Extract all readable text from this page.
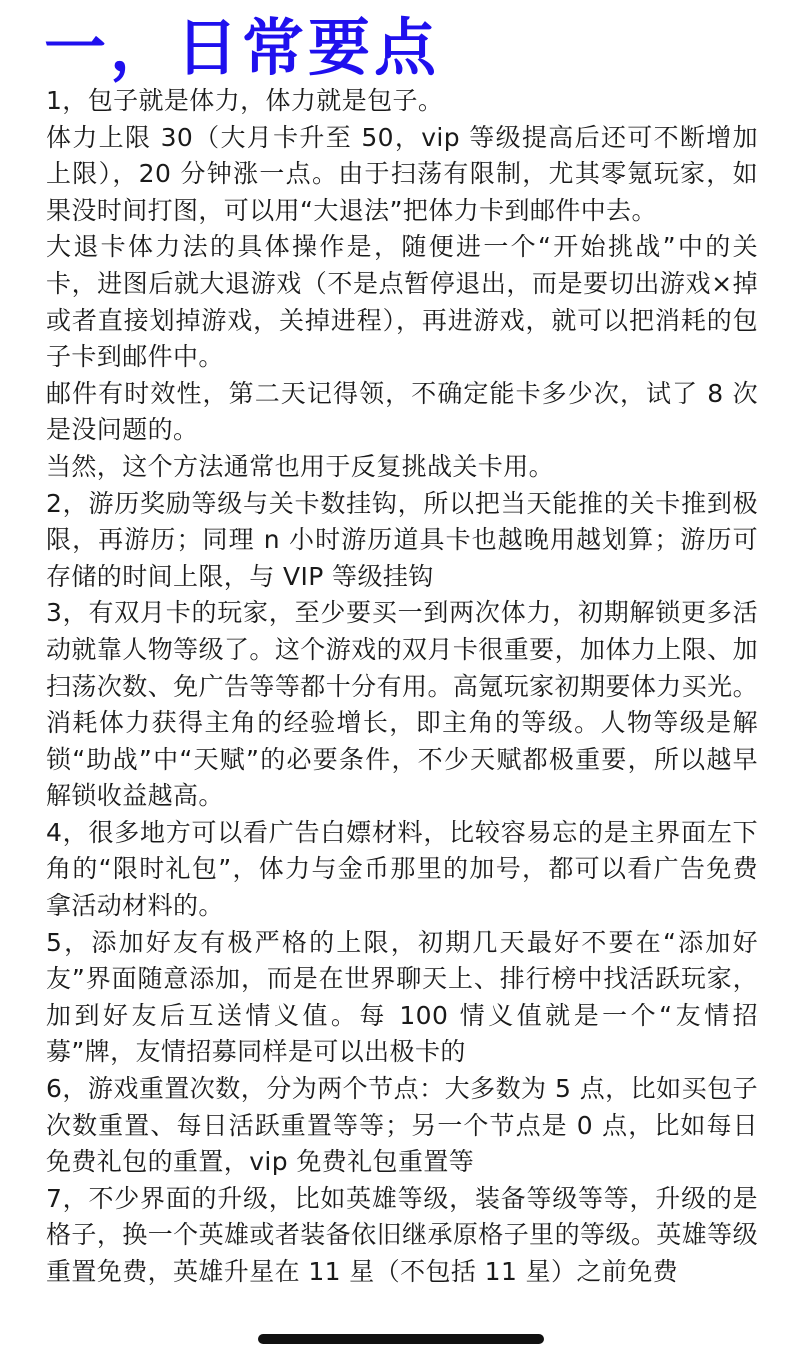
一，日常要点

1，包子就是体力，体力就是包子。

体力上限 30（大月卡升至 50，vip 等级提高后还可不断增加上限），20 分钟涨一点。由于扫荡有限制，尤其零氪玩家，如果没时间打图，可以用“大退法”把体力卡到邮件中去。

大退卡体力法的具体操作是，随便进一个“开始挑战”中的关卡，进图后就大退游戏（不是点暂停退出，而是要切出游戏×掉或者直接划掉游戏，关掉进程），再进游戏，就可以把消耗的包子卡到邮件中。

邮件有时效性，第二天记得领，不确定能卡多少次，试了 8 次是没问题的。

当然，这个方法通常也用于反复挑战关卡用。

2，游历奖励等级与关卡数挂钩，所以把当天能推的关卡推到极限，再游历；同理 n 小时游历道具卡也越晚用越划算；游历可存储的时间上限，与 VIP 等级挂钩

3，有双月卡的玩家，至少要买一到两次体力，初期解锁更多活动就靠人物等级了。这个游戏的双月卡很重要，加体力上限、加扫荡次数、免广告等等都十分有用。高氪玩家初期要体力买光。消耗体力获得主角的经验增长，即主角的等级。人物等级是解锁“助战”中“天赋”的必要条件，不少天赋都极重要，所以越早解锁收益越高。

4，很多地方可以看广告白嫖材料，比较容易忘的是主界面左下角的“限时礼包”，体力与金币那里的加号，都可以看广告免费拿活动材料的。

5，添加好友有极严格的上限，初期几天最好不要在“添加好友”界面随意添加，而是在世界聊天上、排行榜中找活跃玩家，加到好友后互送情义值。每 100 情义值就是一个“友情招募”牌，友情招募同样是可以出极卡的

6，游戏重置次数，分为两个节点：大多数为 5 点，比如买包子次数重置、每日活跃重置等等；另一个节点是 0 点，比如每日免费礼包的重置，vip 免费礼包重置等

7，不少界面的升级，比如英雄等级，装备等级等等，升级的是格子，换一个英雄或者装备依旧继承原格子里的等级。英雄等级重置免费，英雄升星在 11 星（不包括 11 星）之前免费
